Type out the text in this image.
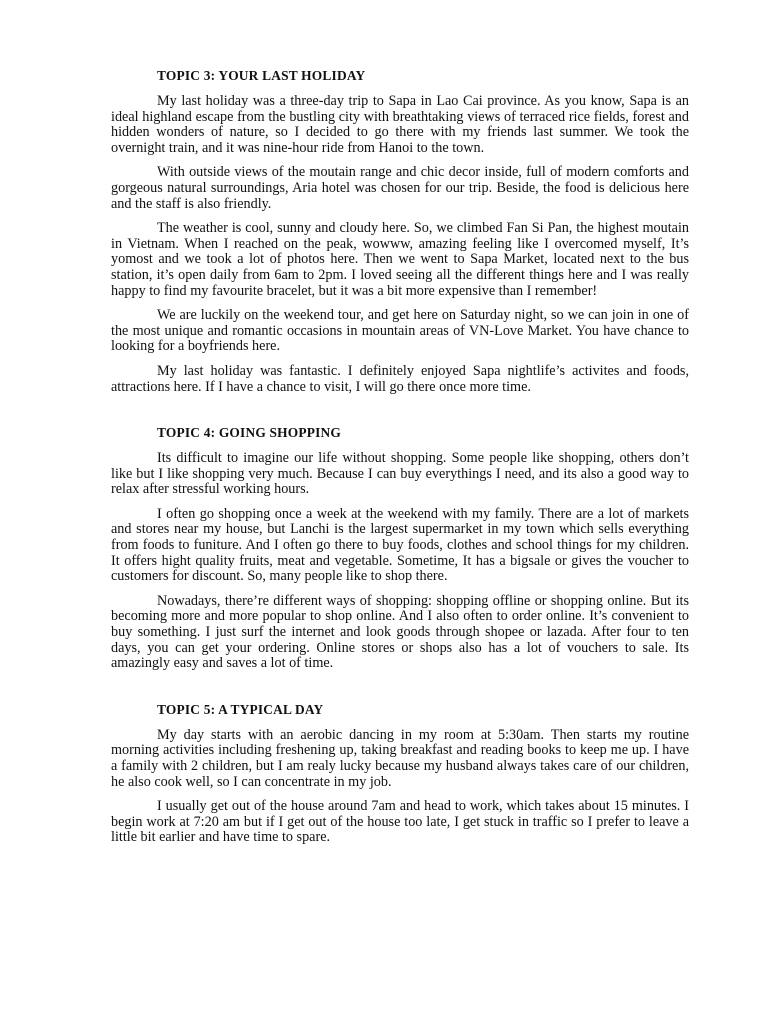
TOPIC 3: YOUR LAST HOLIDAY

My last holiday was a three-day trip to Sapa in Lao Cai province. As you know, Sapa is an ideal highland escape from the bustling city with breathtaking views of terraced rice fields, forest and hidden wonders of nature, so I decided to go there with my friends last summer. We took the overnight train, and it was nine-hour ride from Hanoi to the town.

With outside views of the moutain range and chic decor inside, full of modern comforts and gorgeous natural surroundings, Aria hotel was chosen for our trip. Beside, the food is delicious here and the staff is also friendly.

The weather is cool, sunny and cloudy here. So, we climbed Fan Si Pan, the highest moutain in Vietnam. When I reached on the peak, wowww, amazing feeling like I overcomed myself, It’s yomost and we took a lot of photos here. Then we went to Sapa Market, located next to the bus station, it’s open daily from 6am to 2pm. I loved seeing all the different things here and I was really happy to find my favourite bracelet, but it was a bit more expensive than I remember!

We are luckily on the weekend tour, and get here on Saturday night, so we can join in one of the most unique and romantic occasions in mountain areas of VN-Love Market. You have chance to looking for a boyfriends here.

My last holiday was fantastic. I definitely enjoyed Sapa nightlife’s activites and foods, attractions here. If I have a chance to visit, I will go there once more time.

TOPIC 4: GOING SHOPPING

Its difficult to imagine our life without shopping. Some people like shopping, others don’t like but I like shopping very much. Because I can buy everythings I need, and its also a good way to relax after stressful working hours.

I often go shopping once a week at the weekend with my family. There are a lot of markets and stores near my house, but Lanchi is the largest supermarket in my town which sells everything from foods to funiture. And I often go there to buy foods, clothes and school things for my children. It offers hight quality fruits, meat and vegetable. Sometime, It has a bigsale or gives the voucher to customers for discount. So, many people like to shop there.

Nowadays, there’re different ways of shopping: shopping offline or shopping online. But its becoming more and more popular to shop online. And I also often to order online. It’s convenient to buy something. I just surf the internet and look goods through shopee or lazada. After four to ten days, you can get your ordering. Online stores or shops also has a lot of vouchers to sale. Its amazingly easy and saves a lot of time.

TOPIC 5: A TYPICAL DAY

My day starts with an aerobic dancing in my room at 5:30am. Then starts my routine morning activities including freshening up, taking breakfast and reading books to keep me up. I have a family with 2 children, but I am realy lucky because my husband always takes care of our children, he also cook well, so I can concentrate in my job.

I usually get out of the house around 7am and head to work, which takes about 15 minutes. I begin work at 7:20 am but if I get out of the house too late, I get stuck in traffic so I prefer to leave a little bit earlier and have time to spare.
